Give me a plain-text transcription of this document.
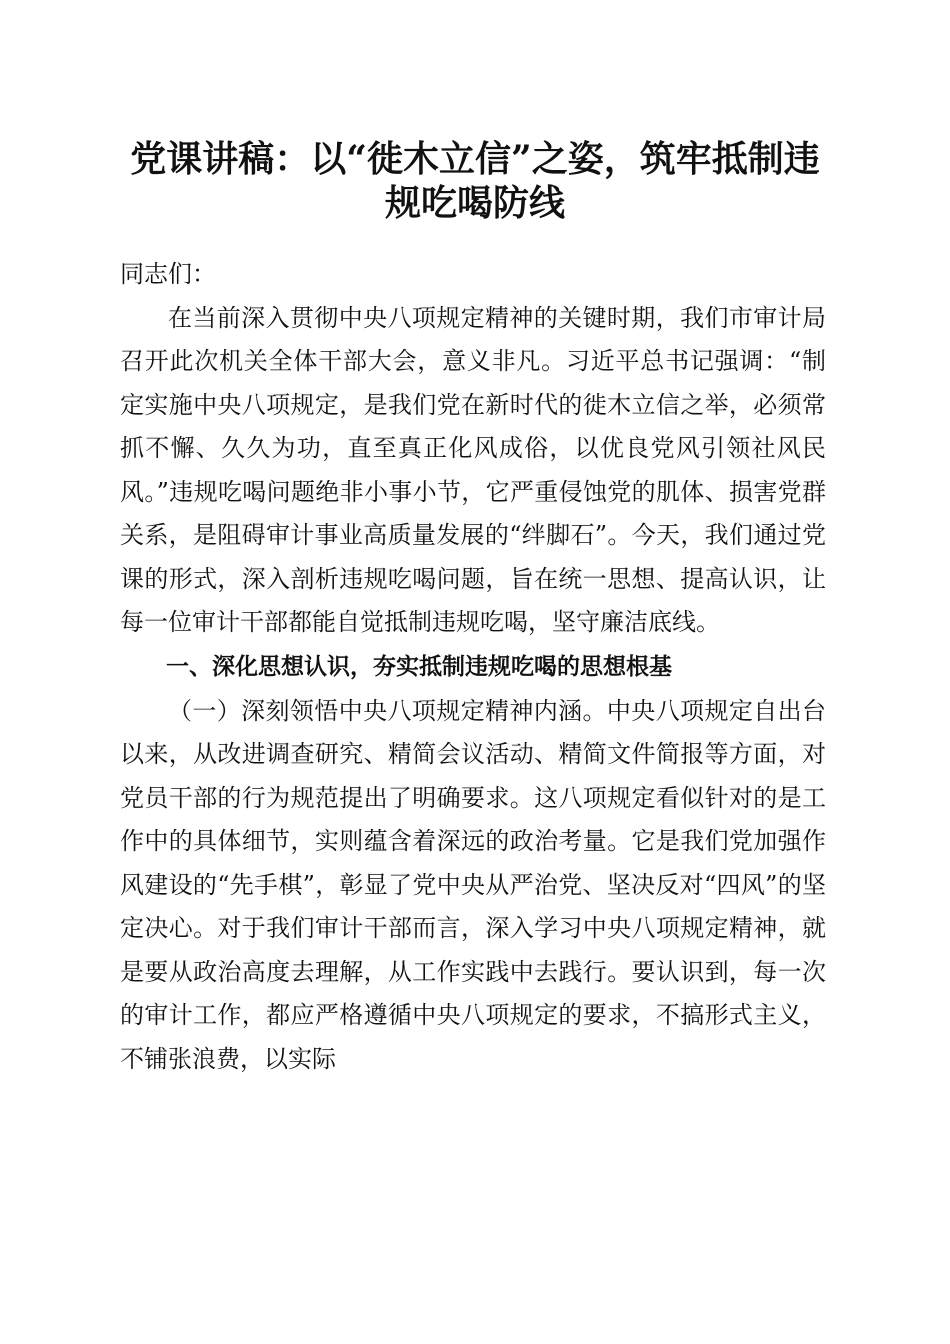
党课讲稿：以“徙木立信”之姿，筑牢抵制违
规吃喝防线

同志们：

在当前深入贯彻中央八项规定精神的关键时期，我们市审计局召开此次机关全体干部大会，意义非凡。习近平总书记强调：“制定实施中央八项规定，是我们党在新时代的徙木立信之举，必须常抓不懈、久久为功，直至真正化风成俗，以优良党风引领社风民风。”违规吃喝问题绝非小事小节，它严重侵蚀党的肌体、损害党群关系，是阻碍审计事业高质量发展的“绊脚石”。今天，我们通过党课的形式，深入剖析违规吃喝问题，旨在统一思想、提高认识，让每一位审计干部都能自觉抵制违规吃喝，坚守廉洁底线。

一、深化思想认识，夯实抵制违规吃喝的思想根基

（一）深刻领悟中央八项规定精神内涵。中央八项规定自出台以来，从改进调查研究、精简会议活动、精简文件简报等方面，对党员干部的行为规范提出了明确要求。这八项规定看似针对的是工作中的具体细节，实则蕴含着深远的政治考量。它是我们党加强作风建设的“先手棋”，彰显了党中央从严治党、坚决反对“四风”的坚定决心。对于我们审计干部而言，深入学习中央八项规定精神，就是要从政治高度去理解，从工作实践中去践行。要认识到，每一次的审计工作，都应严格遵循中央八项规定的要求，不搞形式主义，不铺张浪费，以实际
